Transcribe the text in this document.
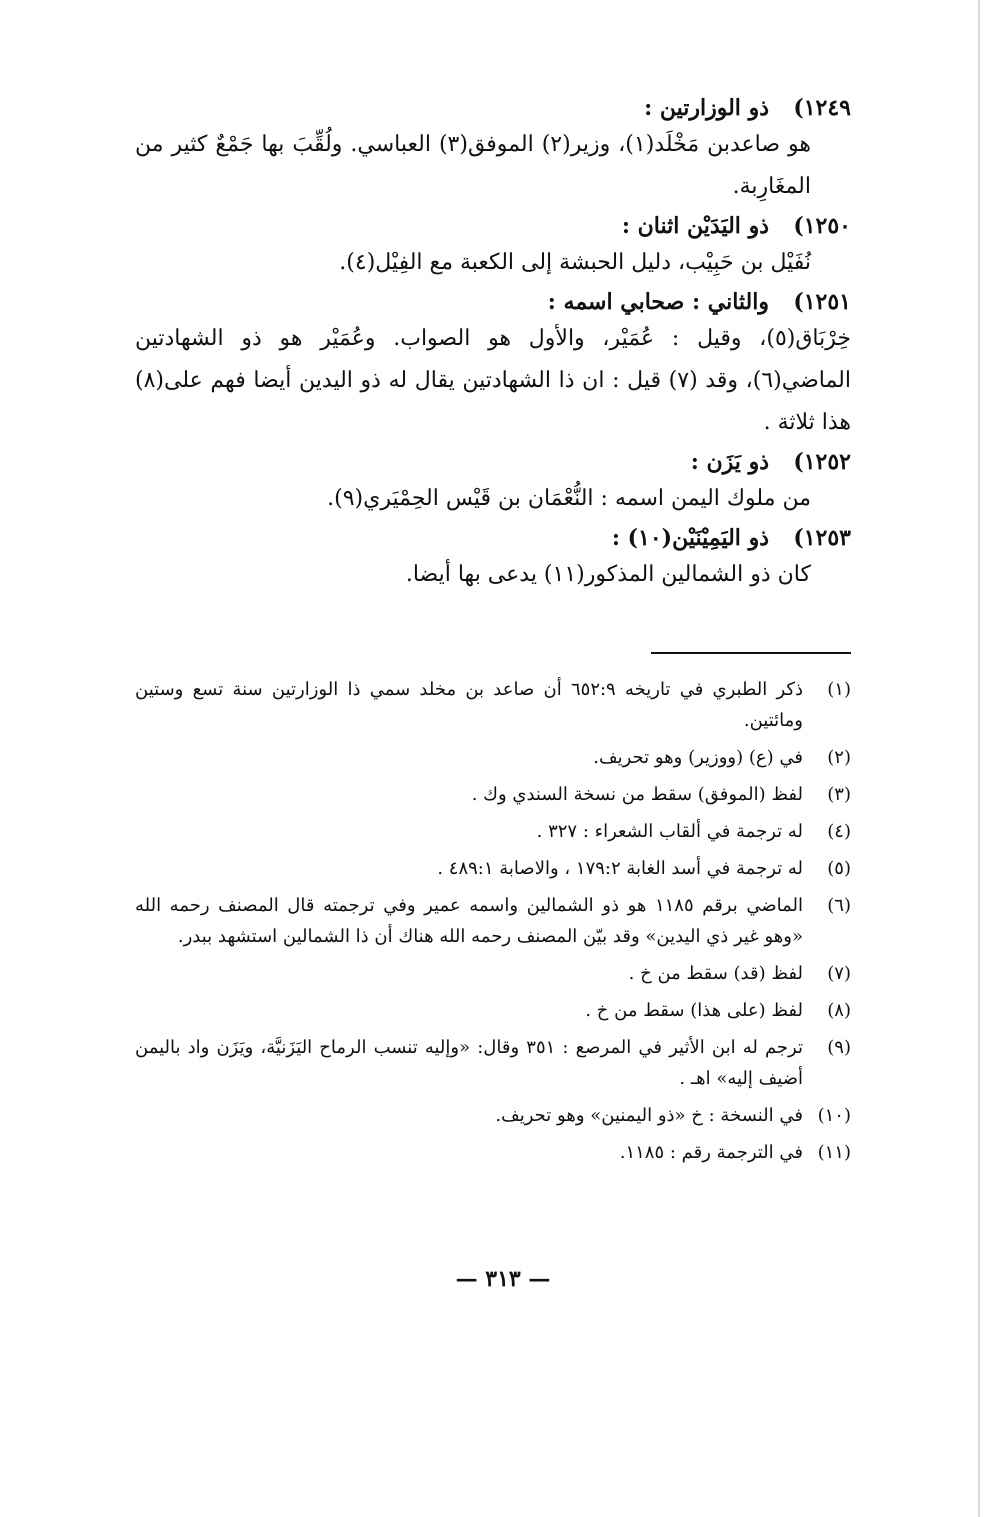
١٢٤٩)
ذو الوزارتين :
هو صاعدبن مَخْلَد(١)، وزير(٢) الموفق(٣) العباسي. ولُقِّبَ بها جَمْعٌ كثير من المغَارِبة.
١٢٥٠)
ذو اليَدَيْن اثنان :
نُفَيْل بن حَبِيْب، دليل الحبشة إلى الكعبة مع الفِيْل(٤).
١٢٥١)
والثاني : صحابي اسمه :
خِرْبَاق(٥)، وقيل : عُمَيْر، والأول هو الصواب. وعُمَيْر هو ذو الشهادتين الماضي(٦)، وقد (٧) قيل : ان ذا الشهادتين يقال له ذو اليدين أيضا فهم على(٨) هذا ثلاثة .
١٢٥٢)
ذو يَزَن :
من ملوك اليمن اسمه : النُّعْمَان بن قَيْس الحِمْيَري(٩).
١٢٥٣)
ذو اليَمِيْنَيْن(١٠) :
كان ذو الشمالين المذكور(١١) يدعى بها أيضا.
(١)
ذكر الطبري في تاريخه ٦٥٢:٩ أن صاعد بن مخلد سمي ذا الوزارتين سنة تسع وستين ومائتين.
(٢)
في (ع) (ووزير) وهو تحريف.
(٣)
لفظ (الموفق) سقط من نسخة السندي وك .
(٤)
له ترجمة في ألقاب الشعراء : ٣٢٧ .
(٥)
له ترجمة في أسد الغابة ١٧٩:٢ ، والاصابة ٤٨٩:١ .
(٦)
الماضي برقم ١١٨٥ هو ذو الشمالين واسمه عمير وفي ترجمته قال المصنف رحمه الله «وهو غير ذي اليدين» وقد بيّن المصنف رحمه الله هناك أن ذا الشمالين استشهد ببدر.
(٧)
لفظ (قد) سقط من خ .
(٨)
لفظ (على هذا) سقط من خ .
(٩)
ترجم له ابن الأثير في المرصع : ٣٥١ وقال: «وإليه تنسب الرماح اليَزَنيَّة، ويَزَن واد باليمن أضيف إليه» اهـ .
(١٠)
في النسخة : خ «ذو اليمنين» وهو تحريف.
(١١)
في الترجمة رقم : ١١٨٥.
— ٣١٣ —
